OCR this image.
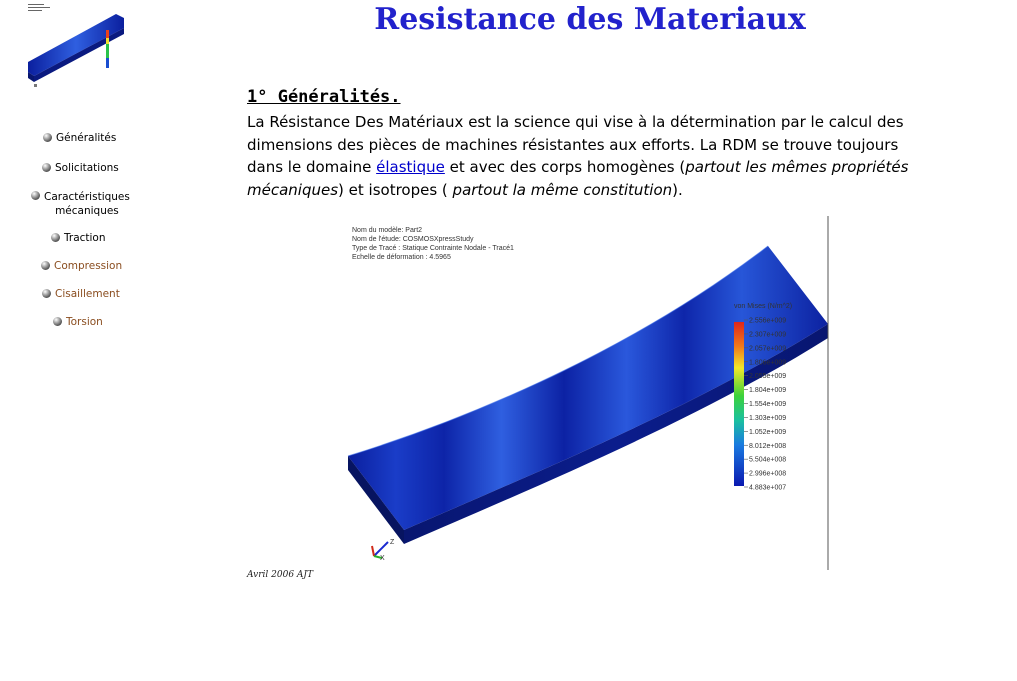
Resistance des Materiaux
Généralités
Solicitations
Caractéristiques
mécaniques
Traction
Compression
Cisaillement
Torsion
1° Généralités.

La Résistance Des Matériaux est la science qui vise à la détermination par le calcul des dimensions des pièces de machines résistantes aux efforts. La RDM se trouve toujours dans le domaine élastique et avec des corps homogènes (partout les mêmes propriétés mécaniques) et isotropes ( partout la même constitution).

Nom du modèle: Part2
Nom de l'étude: COSMOSXpressStudy
Type de Tracé : Statique Contrainte Nodale - Tracé1
Echelle de déformation : 4.5965
von Mises (N/m^2)
2.556e+009
2.307e+009
2.057e+009
1.806e+009
2.055e+009
1.804e+009
1.554e+009
1.303e+009
1.052e+009
8.012e+008
5.504e+008
2.996e+008
4.883e+007
Z
X
Avril 2006 AJT
